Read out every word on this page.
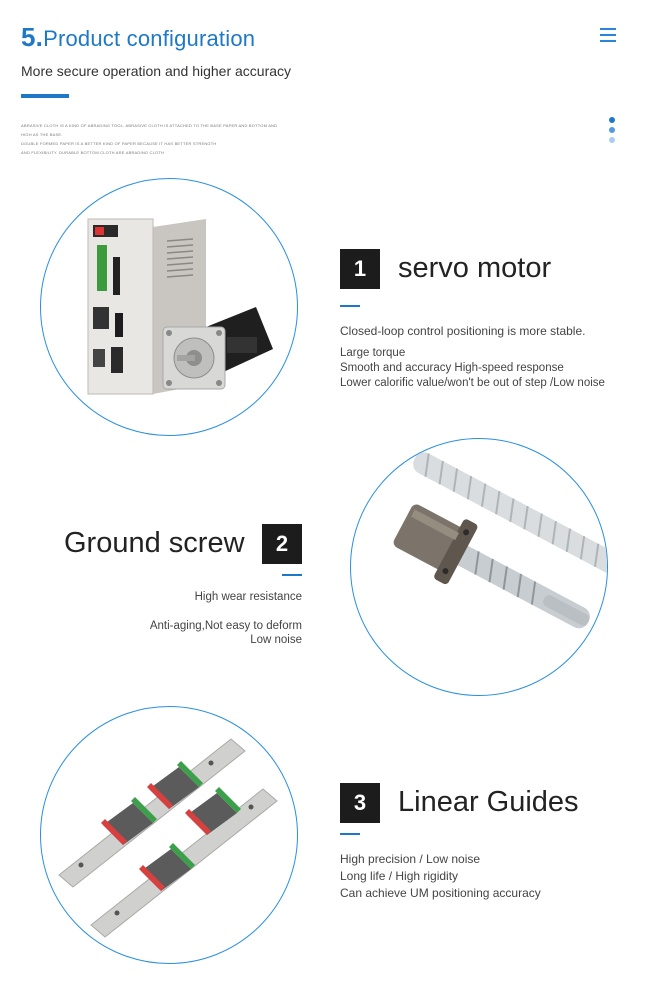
5.Product configuration
More secure operation and higher accuracy
ABRASIVE CLOTH IS A KIND OF ABRADING TOOL. ABRASIVE CLOTH IS ATTACHED TO THE BASE PAPER AND BOTTOM AND HIGH AS THE BASE.
DOUBLE FORMED PAPER IS A BETTER KIND OF PAPER BECAUSE IT HAS BETTER STRENGTH
AND FLEXIBILITY. DURABLE BOTTOM CLOTH ARE ABRADING CLOTH
1	servo motor
Closed-loop control positioning is more stable.
Large torque
Smooth and accuracy High-speed response
Lower calorific value/won't be out of step /Low noise
Ground screw	2
High wear resistance
Anti-aging,Not easy to deform
Low noise
3	Linear Guides
High precision / Low noise
Long life / High rigidity
Can achieve UM positioning accuracy
